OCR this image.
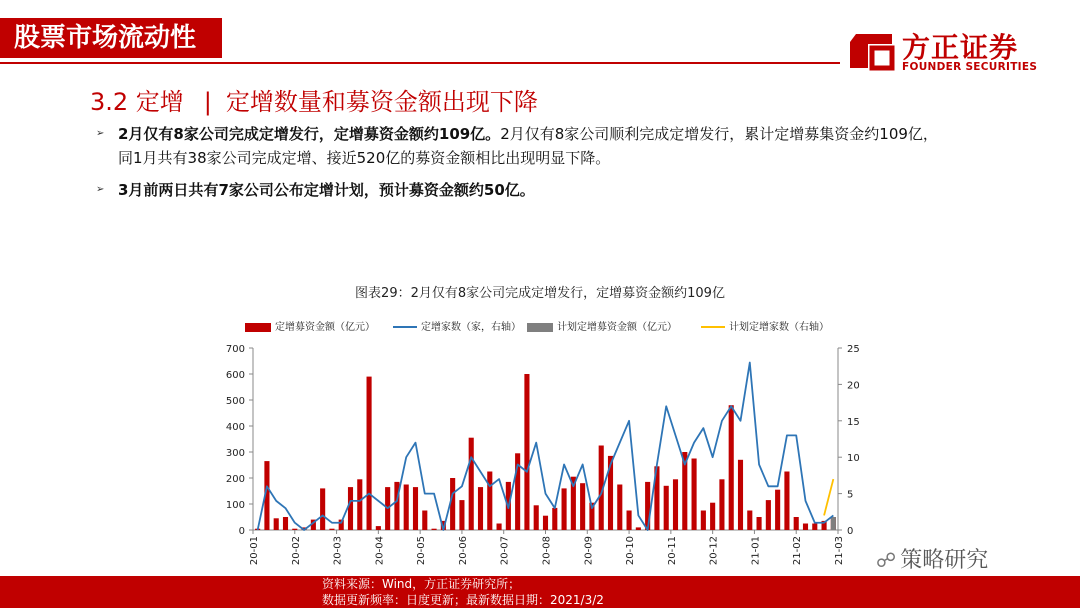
股票市场流动性	方正证券
FOUNDER SECURITIES
3.2 定增 | 定增数量和募资金额出现下降
➢ 2月仅有8家公司完成定增发行，定增募资金额约109亿。2月仅有8家公司顺利完成定增发行，累计定增募集资金约109亿，
同1月共有38家公司完成定增、接近520亿的募资金额相比出现明显下降。
➢ 3月前两日共有7家公司公布定增计划，预计募资金额约50亿。
图表29：2月仅有8家公司完成定增发行，定增募资金额约109亿
定增募资金额（亿元）	定增家数（家，右轴）	计划定增募资金额（亿元）	计划定增家数（右轴）
0
100
200
300
400
500
600
700
0
5
10
15
20
25
20-01	20-02	20-03	20-04	20-05	20-06	20-07	20-08	20-09	20-10	20-11	20-12	21-01	21-02	21-03 ☍ 策略研究
资料来源：Wind，方正证券研究所；
数据更新频率：日度更新；最新数据日期：2021/3/2
